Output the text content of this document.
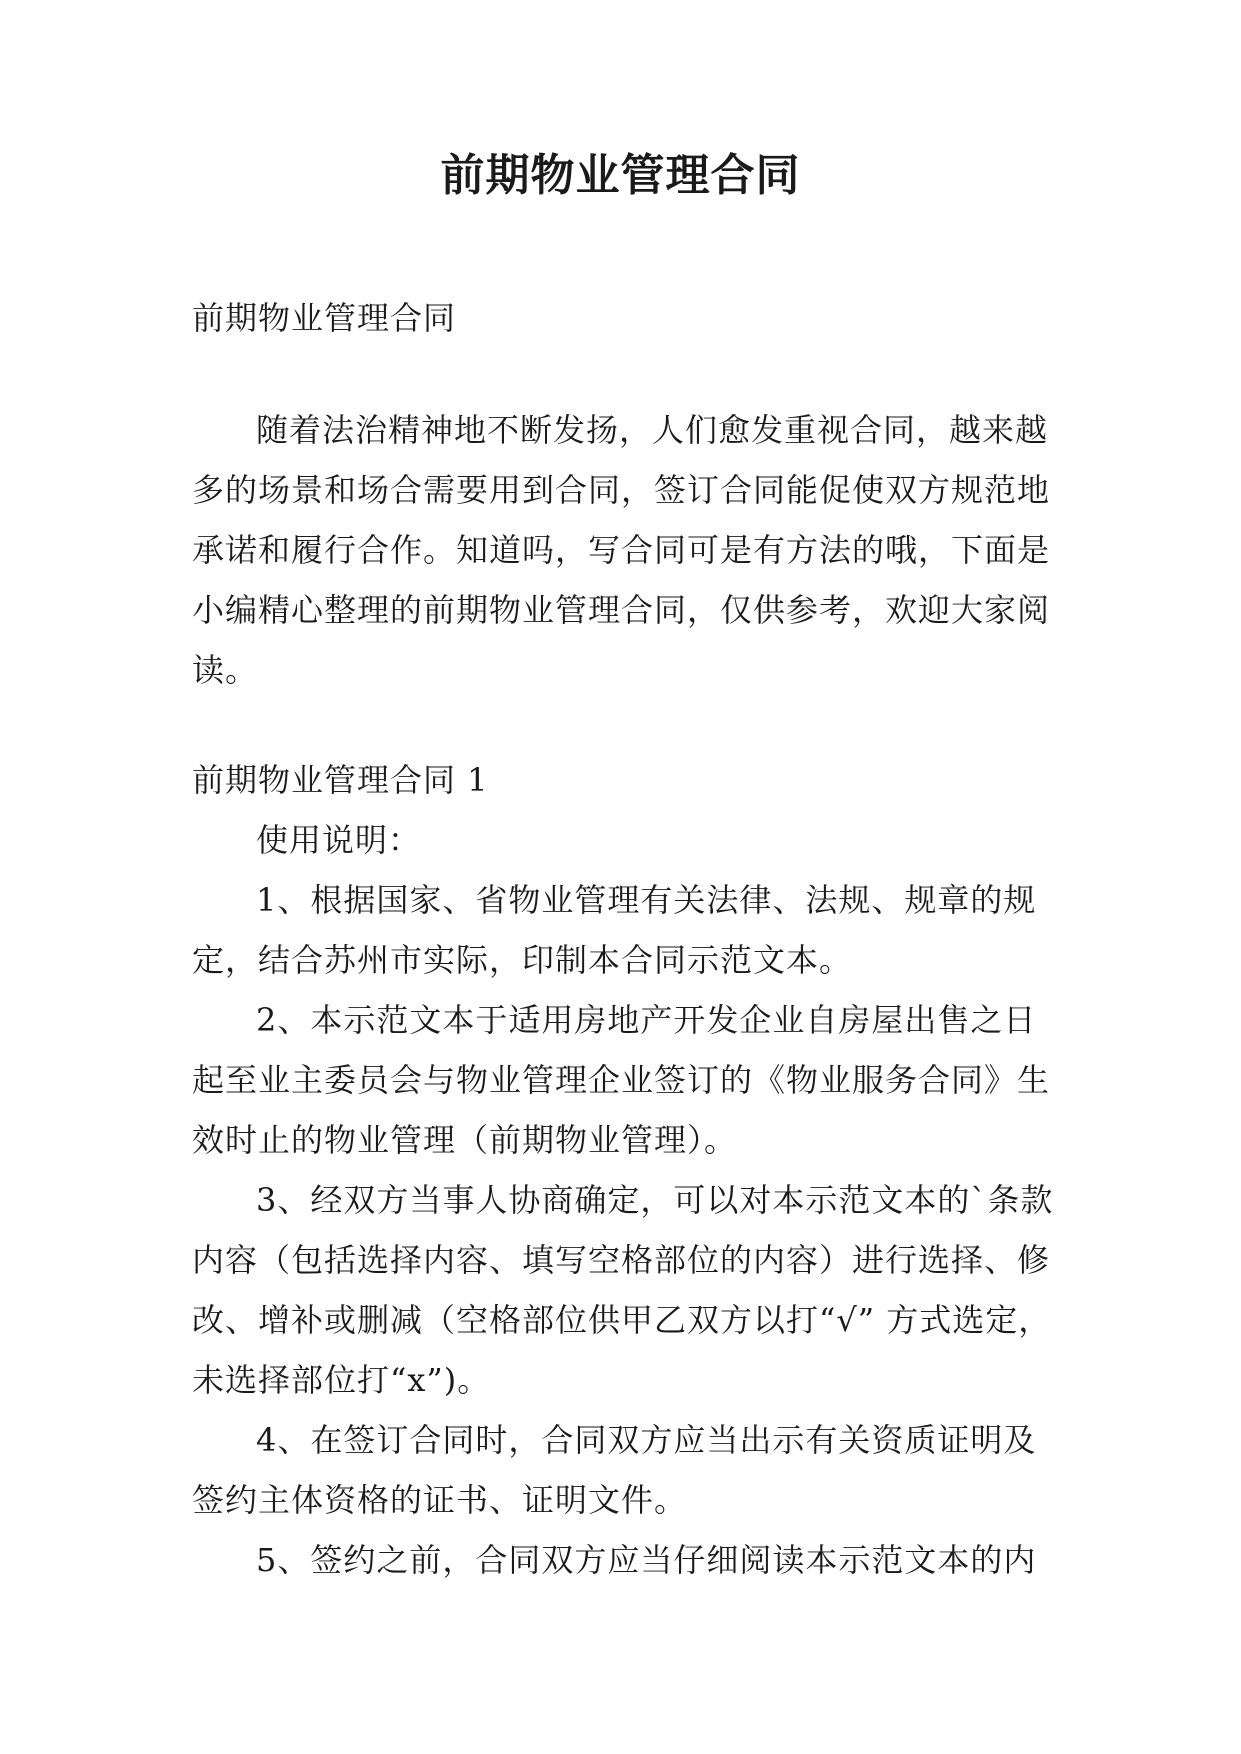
前期物业管理合同

前期物业管理合同

随着法治精神地不断发扬，人们愈发重视合同，越来越多的场景和场合需要用到合同，签订合同能促使双方规范地承诺和履行合作。知道吗，写合同可是有方法的哦，下面是小编精心整理的前期物业管理合同，仅供参考，欢迎大家阅读。

前期物业管理合同 1

使用说明：

1、根据国家、省物业管理有关法律、法规、规章的规定，结合苏州市实际，印制本合同示范文本。

2、本示范文本于适用房地产开发企业自房屋出售之日起至业主委员会与物业管理企业签订的《物业服务合同》生效时止的物业管理（前期物业管理）。

3、经双方当事人协商确定，可以对本示范文本的`条款内容（包括选择内容、填写空格部位的内容）进行选择、修改、增补或删减（空格部位供甲乙双方以打“√” 方式选定，未选择部位打“x”)。

4、在签订合同时，合同双方应当出示有关资质证明及签约主体资格的证书、证明文件。

5、签约之前，合同双方应当仔细阅读本示范文本的内
